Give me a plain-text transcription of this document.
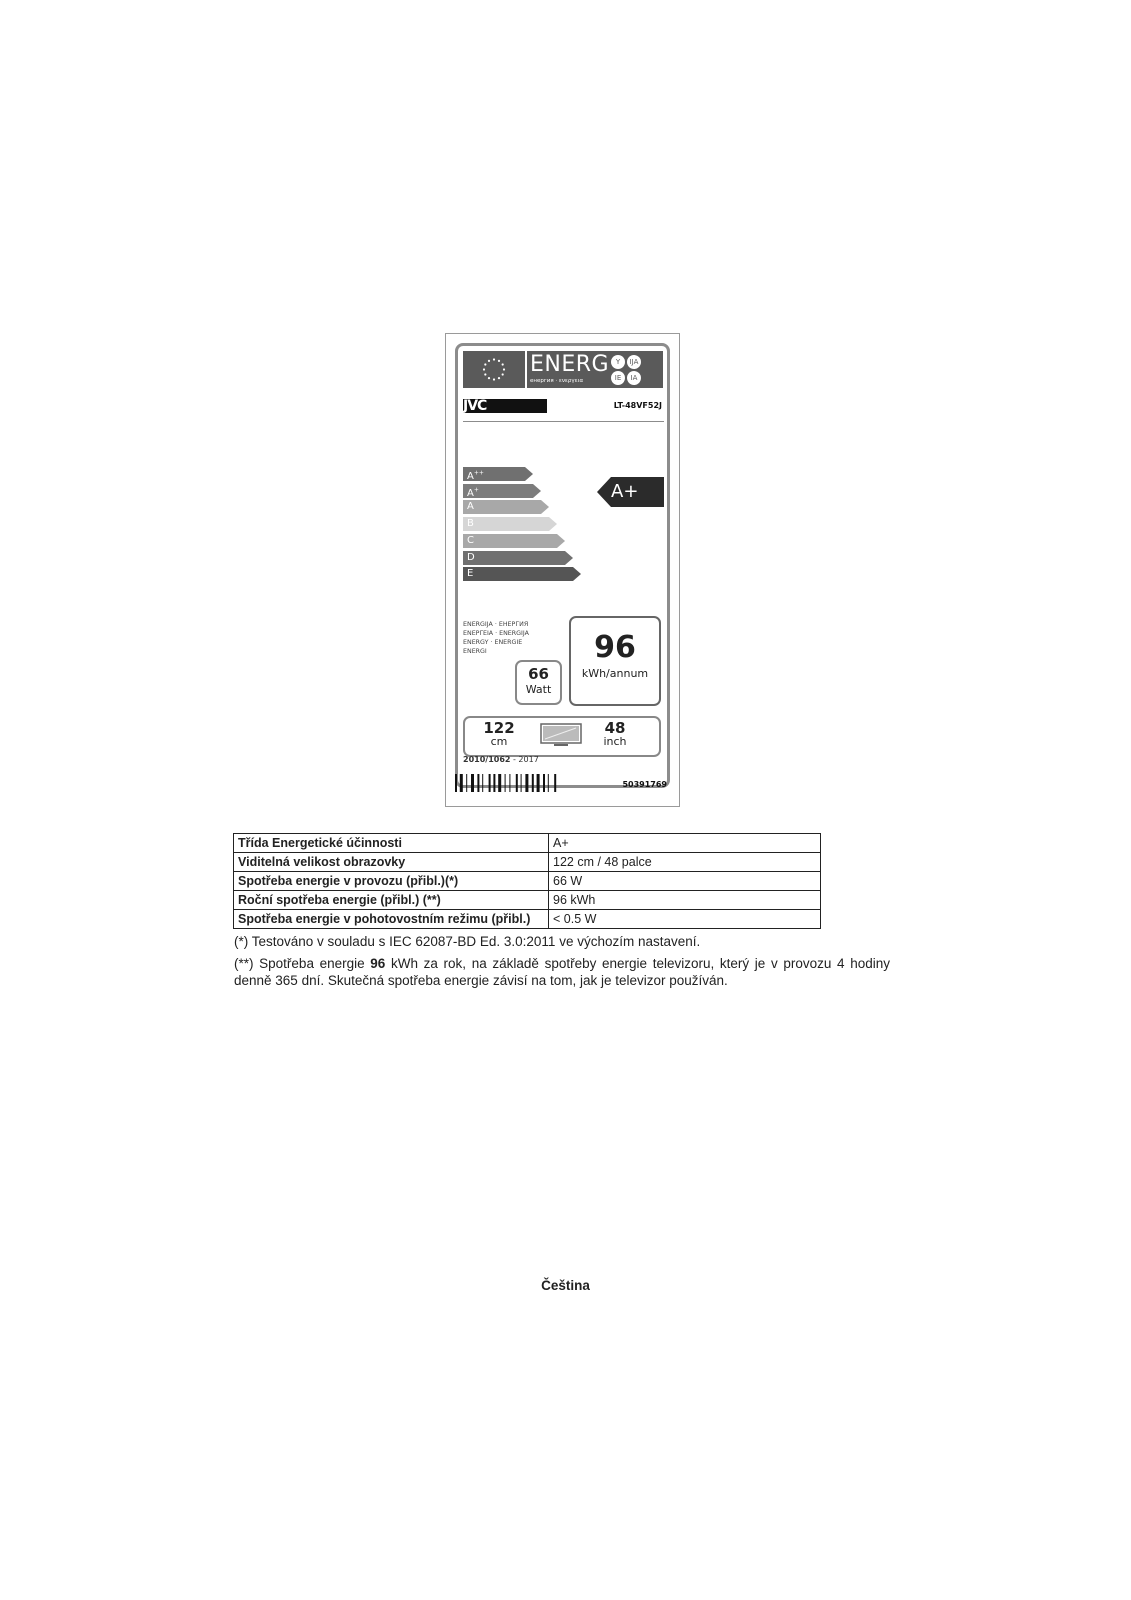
ENERG
енергия · ενεργεια
Y	IJA
IE	IA
JVC	LT-48VF52J
A++
A+
A
B
C
D
E
A+
ENERGIJA · ЕНЕРГИЯ
ΕΝΕΡΓΕΙΑ · ENERGIJA
ENERGY · ENERGIE
ENERGI	96
kWh/annum
66
Watt
122
cm
48
inch
2010/1062 - 2017
50391769
Třída Energetické účinnosti	A+
Viditelná velikost obrazovky	122 cm / 48 palce
Spotřeba energie v provozu (přibl.)(*)	66 W
Roční spotřeba energie (přibl.) (**)	96 kWh
Spotřeba energie v pohotovostním režimu (přibl.)	< 0.5 W
(*) Testováno v souladu s IEC 62087-BD Ed. 3.0:2011 ve výchozím nastavení.
(**) Spotřeba energie 96 kWh za rok, na základě spotřeby energie televizoru, který je v provozu 4 hodiny denně 365 dní. Skutečná spotřeba energie závisí na tom, jak je televizor používán.
Čeština
